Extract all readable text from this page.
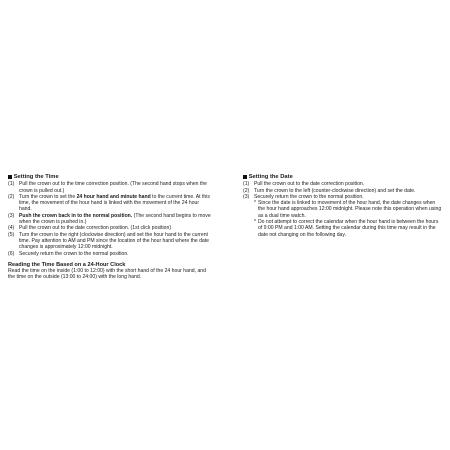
Setting the Time
(1) Pull the crown out to the time correction position. (The second hand stops when the crown is pulled out.)
(2) Turn the crown to set the 24 hour hand and minute hand to the current time. At this time, the movement of the hour hand is linked with the movement of the 24 hour hand.
(3) Push the crown back in to the normal position. (The second hand begins to move when the crown is pushed in.)
(4) Pull the crown out to the date correction position. (1st click position)
(5) Turn the crown to the right (clockwise direction) and set the hour hand to the current time. Pay attention to AM and PM since the location of the hour hand where the date changes is approximately 12:00 midnight.
(6) Securely return the crown to the normal position.
Reading the Time Based on a 24-Hour Clock
Read the time on the inside (1:00 to 12:00) with the short hand of the 24 hour hand, and the time on the outside (13:00 to 24:00) with the long hand.
Setting the Date
(1) Pull the crown out to the date correction position.
(2) Turn the crown to the left (counter-clockwise direction) and set the date.
(3) Securely return the crown to the normal position.
* Since the date is linked to movement of the hour hand, the date changes when the hour hand approaches 12:00 midnight. Please note this operation when using as a dual time watch.
* Do not attempt to correct the calendar when the hour hand is between the hours of 9:00 PM and 1:00 AM. Setting the calendar during this time may result in the date not changing on the following day.
